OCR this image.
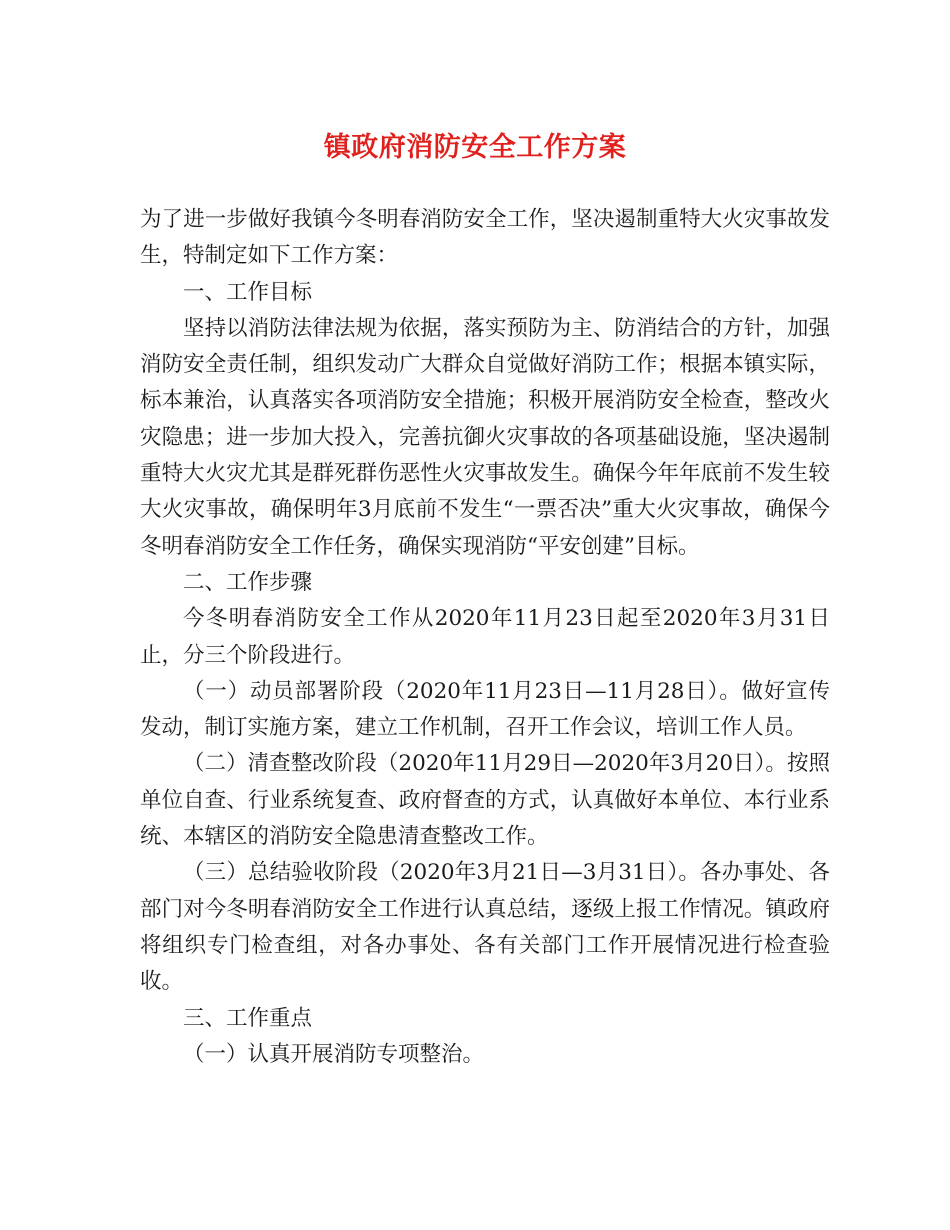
镇政府消防安全工作方案

为了进一步做好我镇今冬明春消防安全工作，坚决遏制重特大火灾事故发生，特制定如下工作方案：

一、工作目标

坚持以消防法律法规为依据，落实预防为主、防消结合的方针，加强消防安全责任制，组织发动广大群众自觉做好消防工作；根据本镇实际，标本兼治，认真落实各项消防安全措施；积极开展消防安全检查，整改火灾隐患；进一步加大投入，完善抗御火灾事故的各项基础设施，坚决遏制重特大火灾尤其是群死群伤恶性火灾事故发生。确保今年年底前不发生较大火灾事故，确保明年3月底前不发生“一票否决”重大火灾事故，确保今冬明春消防安全工作任务，确保实现消防“平安创建”目标。

二、工作步骤

今冬明春消防安全工作从2020年11月23日起至2020年3月31日止，分三个阶段进行。

（一）动员部署阶段（2020年11月23日—11月28日）。做好宣传发动，制订实施方案，建立工作机制，召开工作会议，培训工作人员。

（二）清查整改阶段（2020年11月29日—2020年3月20日）。按照单位自查、行业系统复查、政府督查的方式，认真做好本单位、本行业系统、本辖区的消防安全隐患清查整改工作。

（三）总结验收阶段（2020年3月21日—3月31日）。各办事处、各部门对今冬明春消防安全工作进行认真总结，逐级上报工作情况。镇政府将组织专门检查组，对各办事处、各有关部门工作开展情况进行检查验收。

三、工作重点

（一）认真开展消防专项整治。
